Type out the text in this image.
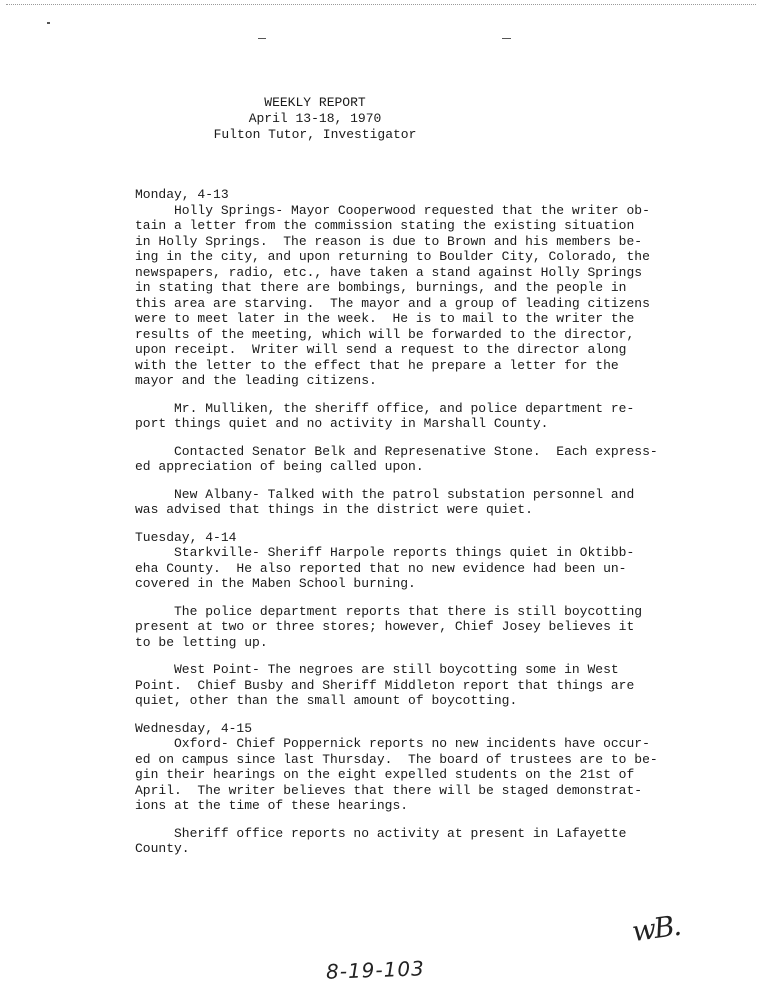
WEEKLY REPORT
April 13-18, 1970
Fulton Tutor, Investigator
Monday, 4-13
Holly Springs- Mayor Cooperwood requested that the writer ob-
tain a letter from the commission stating the existing situation
in Holly Springs.  The reason is due to Brown and his members be-
ing in the city, and upon returning to Boulder City, Colorado, the
newspapers, radio, etc., have taken a stand against Holly Springs
in stating that there are bombings, burnings, and the people in
this area are starving.  The mayor and a group of leading citizens
were to meet later in the week.  He is to mail to the writer the
results of the meeting, which will be forwarded to the director,
upon receipt.  Writer will send a request to the director along
with the letter to the effect that he prepare a letter for the
mayor and the leading citizens.
Mr. Mulliken, the sheriff office, and police department re-
port things quiet and no activity in Marshall County.
Contacted Senator Belk and Represenative Stone.  Each express-
ed appreciation of being called upon.
New Albany- Talked with the patrol substation personnel and
was advised that things in the district were quiet.
Tuesday, 4-14
Starkville- Sheriff Harpole reports things quiet in Oktibb-
eha County.  He also reported that no new evidence had been un-
covered in the Maben School burning.
The police department reports that there is still boycotting
present at two or three stores; however, Chief Josey believes it
to be letting up.
West Point- The negroes are still boycotting some in West
Point.  Chief Busby and Sheriff Middleton report that things are
quiet, other than the small amount of boycotting.
Wednesday, 4-15
Oxford- Chief Poppernick reports no new incidents have occur-
ed on campus since last Thursday.  The board of trustees are to be-
gin their hearings on the eight expelled students on the 21st of
April.  The writer believes that there will be staged demonstrat-
ions at the time of these hearings.
Sheriff office reports no activity at present in Lafayette
County.
wB.
8-19-103
